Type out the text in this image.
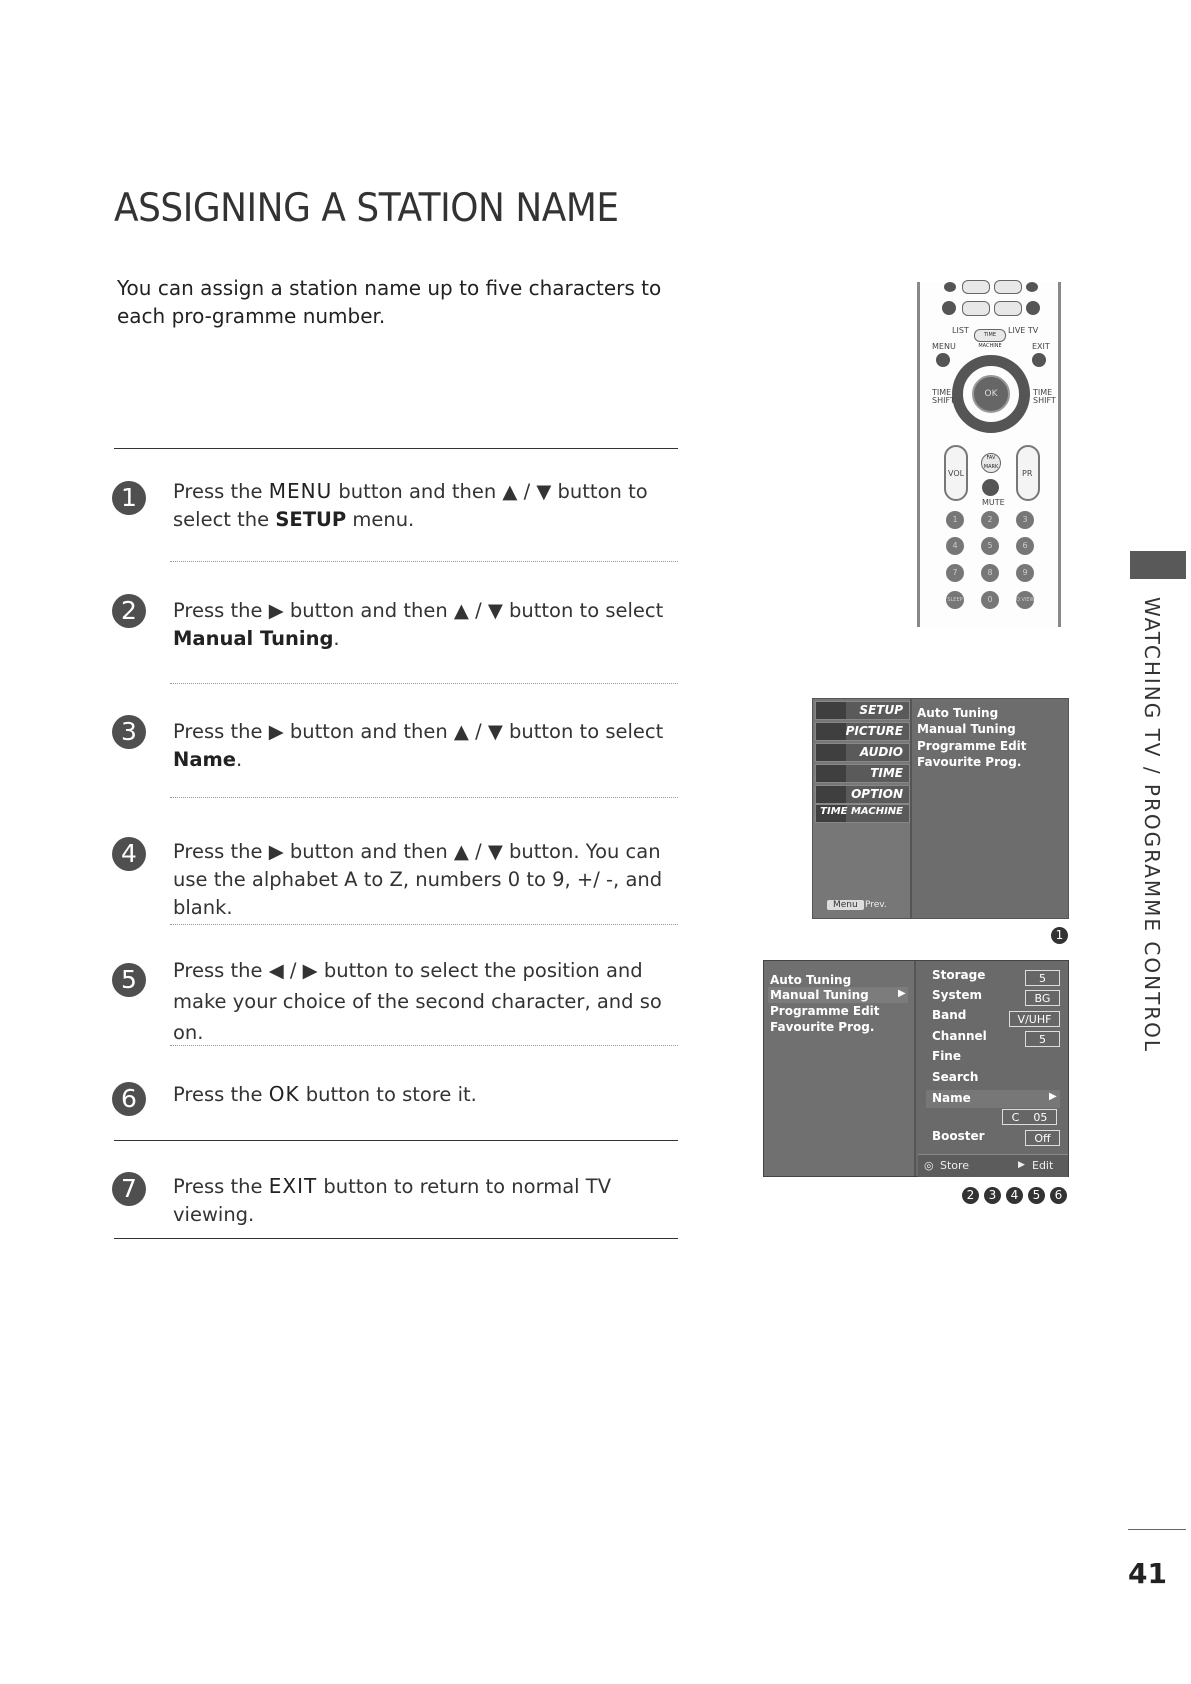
ASSIGNING A STATION NAME
You can assign a station name up to five characters to each pro-gramme number.
1	Press the MENU button and then ▲ / ▼ button to select the SETUP menu.
2	Press the ▶ button and then ▲ / ▼ button to select Manual Tuning.
3	Press the ▶ button and then ▲ / ▼ button to select Name.
4	Press the ▶ button and then ▲ / ▼ button. You can use the alphabet A to Z, numbers 0 to 9, +/ -, and blank.
5	Press the ◀ / ▶ button to select the position and make your choice of the second character, and so on.
6	Press the OK button to store it.
7	Press the EXIT button to return to normal TV viewing.
WATCHING TV / PROGRAMME CONTROL
41
LIST	LIVE TV
TIME MACHINE
MENU	EXIT
OK
TIME SHIFT
TIME SHIFT
VOL	PR
FAV MARK
MUTE
1	2	3
4	5	6
7	8	9
SLEEP	0	Q.VIEW
SETUP
PICTURE
AUDIO
TIME
OPTION
TIME MACHINE
Menu Prev.
Auto Tuning
Manual Tuning
Programme Edit
Favourite Prog.
1
Auto Tuning
Manual Tuning	▶
Programme Edit
Favourite Prog.
Storage	5
System	BG
Band	V/UHF
Channel	5
Fine
Search
Name	▶
C    05
Booster	Off
◎ Store	▶ Edit
2	3	4	5	6
